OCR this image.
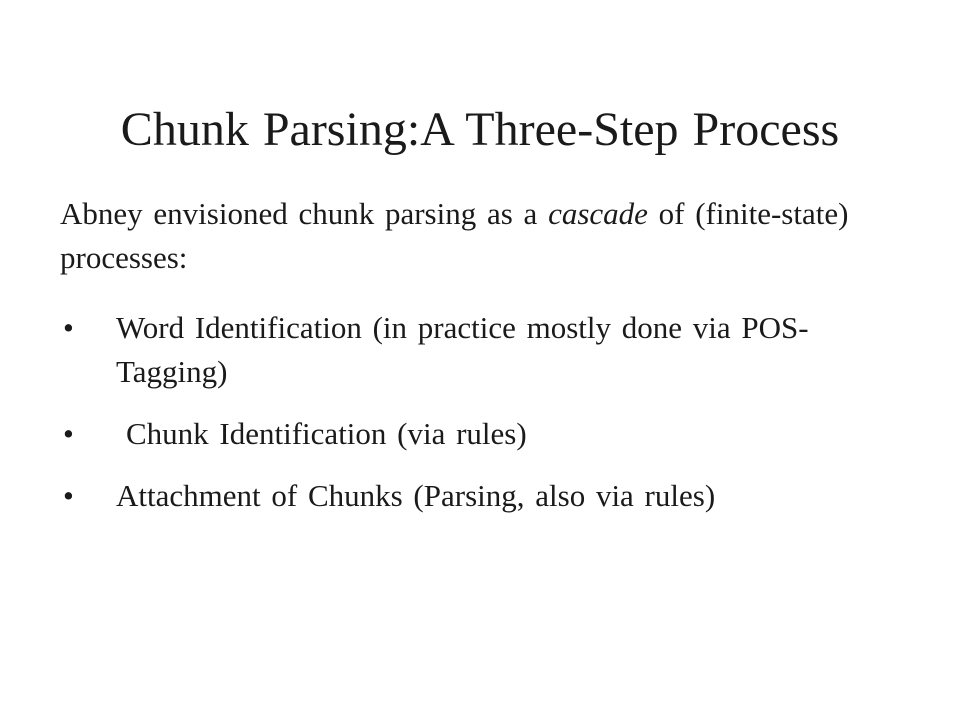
Chunk Parsing:A Three-Step Process

Abney envisioned chunk parsing as a cascade of (finite-state) processes:

• Word Identification (in practice mostly done via POS-Tagging)
• Chunk Identification (via rules)
• Attachment of Chunks (Parsing, also via rules)
